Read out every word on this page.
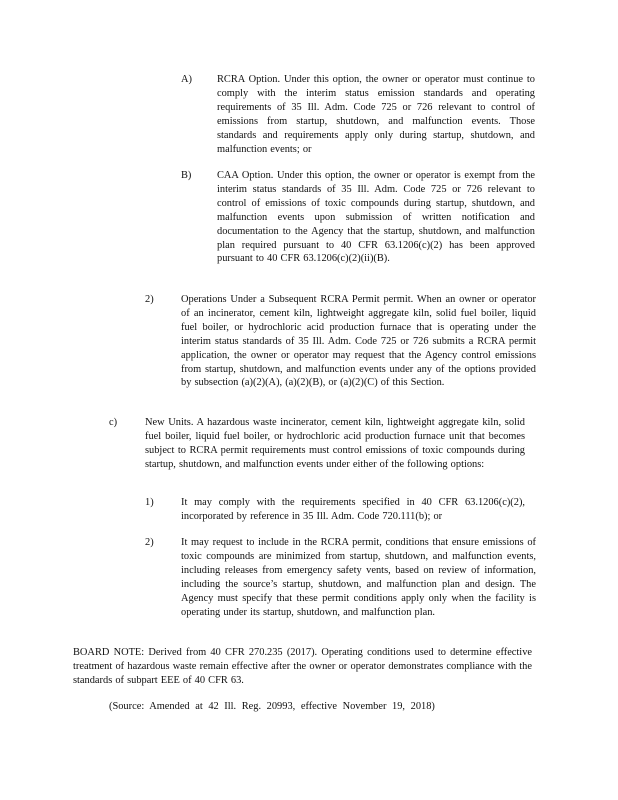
A) RCRA Option. Under this option, the owner or operator must continue to comply with the interim status emission standards and operating requirements of 35 Ill. Adm. Code 725 or 726 relevant to control of emissions from startup, shutdown, and malfunction events. Those standards and requirements apply only during startup, shutdown, and malfunction events; or
B) CAA Option. Under this option, the owner or operator is exempt from the interim status standards of 35 Ill. Adm. Code 725 or 726 relevant to control of emissions of toxic compounds during startup, shutdown, and malfunction events upon submission of written notification and documentation to the Agency that the startup, shutdown, and malfunction plan required pursuant to 40 CFR 63.1206(c)(2) has been approved pursuant to 40 CFR 63.1206(c)(2)(ii)(B).
2)	Operations Under a Subsequent RCRA Permit permit. When an owner or operator of an incinerator, cement kiln, lightweight aggregate kiln, solid fuel boiler, liquid fuel boiler, or hydrochloric acid production furnace that is operating under the interim status standards of 35 Ill. Adm. Code 725 or 726 submits a RCRA permit application, the owner or operator may request that the Agency control emissions from startup, shutdown, and malfunction events under any of the options provided by subsection (a)(2)(A), (a)(2)(B), or (a)(2)(C) of this Section.
c)	New Units. A hazardous waste incinerator, cement kiln, lightweight aggregate kiln, solid fuel boiler, liquid fuel boiler, or hydrochloric acid production furnace unit that becomes subject to RCRA permit requirements must control emissions of toxic compounds during startup, shutdown, and malfunction events under either of the following options:
1)	It may comply with the requirements specified in 40 CFR 63.1206(c)(2), incorporated by reference in 35 Ill. Adm. Code 720.111(b); or
2)	It may request to include in the RCRA permit, conditions that ensure emissions of toxic compounds are minimized from startup, shutdown, and malfunction events, including releases from emergency safety vents, based on review of information, including the source’s startup, shutdown, and malfunction plan and design. The Agency must specify that these permit conditions apply only when the facility is operating under its startup, shutdown, and malfunction plan.
BOARD NOTE: Derived from 40 CFR 270.235 (2017). Operating conditions used to determine effective treatment of hazardous waste remain effective after the owner or operator demonstrates compliance with the standards of subpart EEE of 40 CFR 63.
(Source: Amended at 42 Ill. Reg. 20993, effective November 19, 2018)
